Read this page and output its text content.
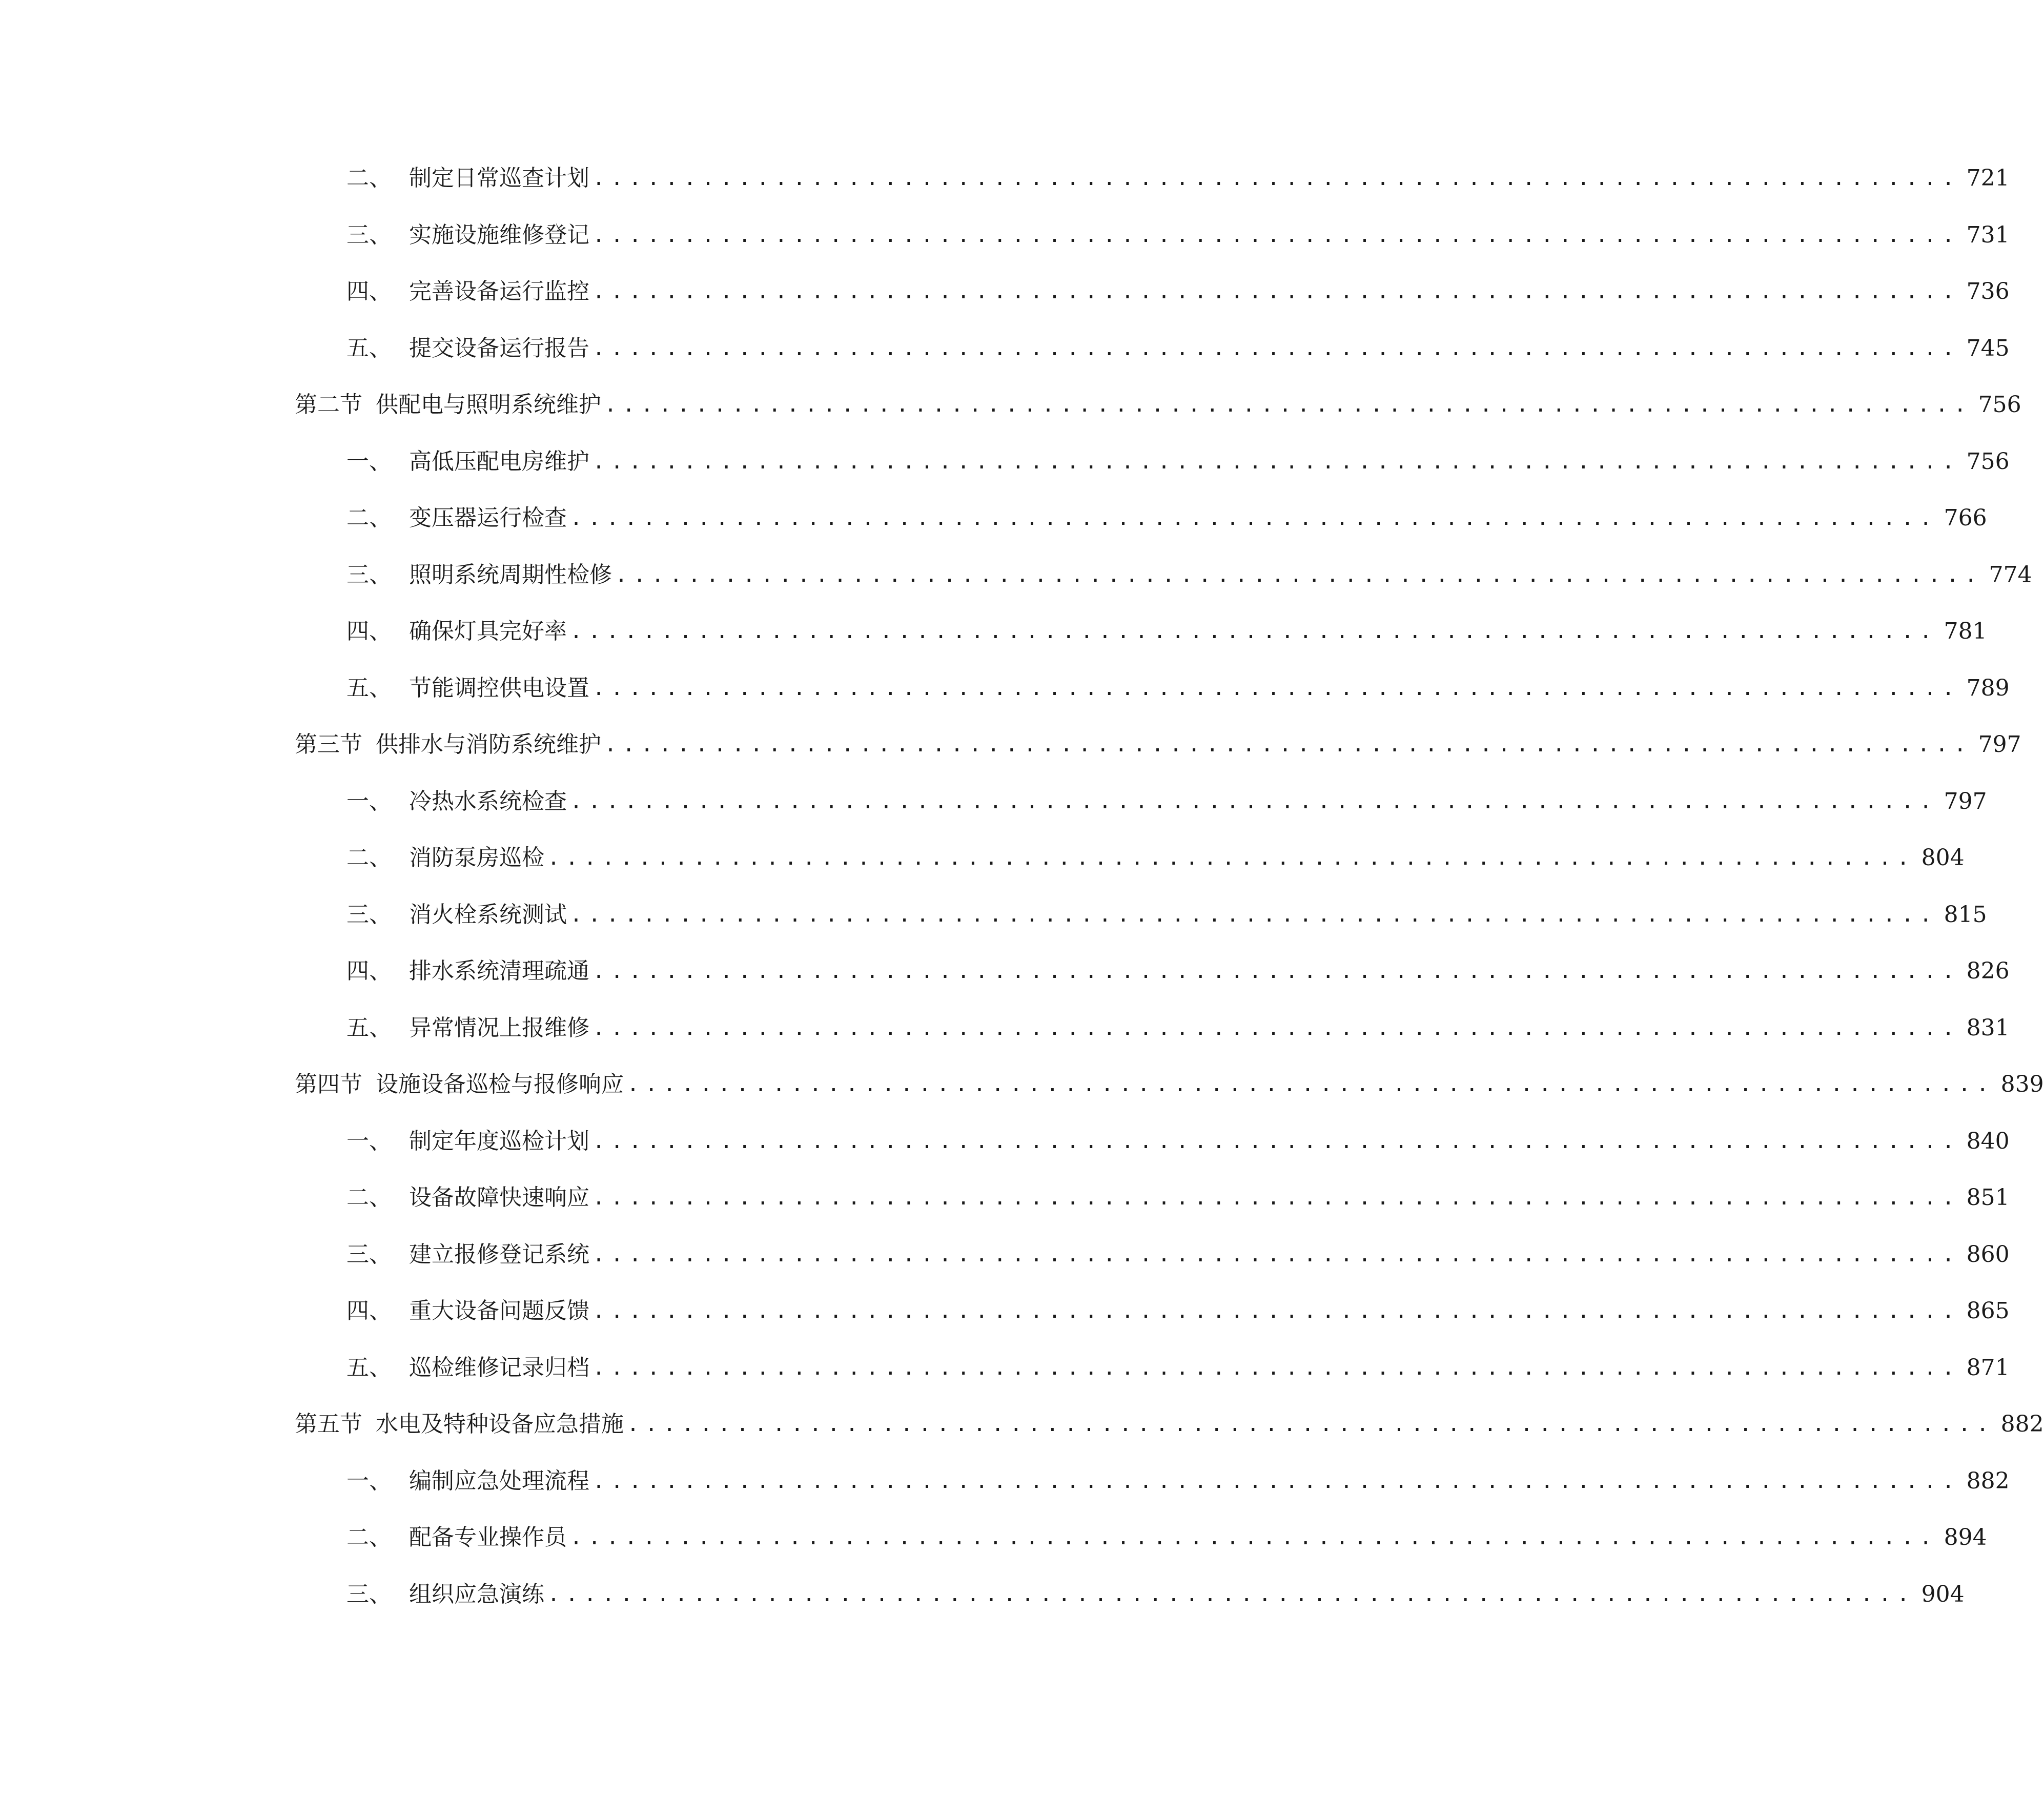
二、 制定日常巡查计划 ........................................................................... 721
三、 实施设施维修登记 ........................................................................... 731
四、 完善设备运行监控 ........................................................................... 736
五、 提交设备运行报告 ........................................................................... 745
第二节 供配电与照明系统维护 ........................................................................... 756
一、 高低压配电房维护 ........................................................................... 756
二、 变压器运行检查 ........................................................................... 766
三、 照明系统周期性检修 ........................................................................... 774
四、 确保灯具完好率 ........................................................................... 781
五、 节能调控供电设置 ........................................................................... 789
第三节 供排水与消防系统维护 ........................................................................... 797
一、 冷热水系统检查 ........................................................................... 797
二、 消防泵房巡检 ........................................................................... 804
三、 消火栓系统测试 ........................................................................... 815
四、 排水系统清理疏通 ........................................................................... 826
五、 异常情况上报维修 ........................................................................... 831
第四节 设施设备巡检与报修响应 ........................................................................... 839
一、 制定年度巡检计划 ........................................................................... 840
二、 设备故障快速响应 ........................................................................... 851
三、 建立报修登记系统 ........................................................................... 860
四、 重大设备问题反馈 ........................................................................... 865
五、 巡检维修记录归档 ........................................................................... 871
第五节 水电及特种设备应急措施 ........................................................................... 882
一、 编制应急处理流程 ........................................................................... 882
二、 配备专业操作员 ........................................................................... 894
三、 组织应急演练 ........................................................................... 904
